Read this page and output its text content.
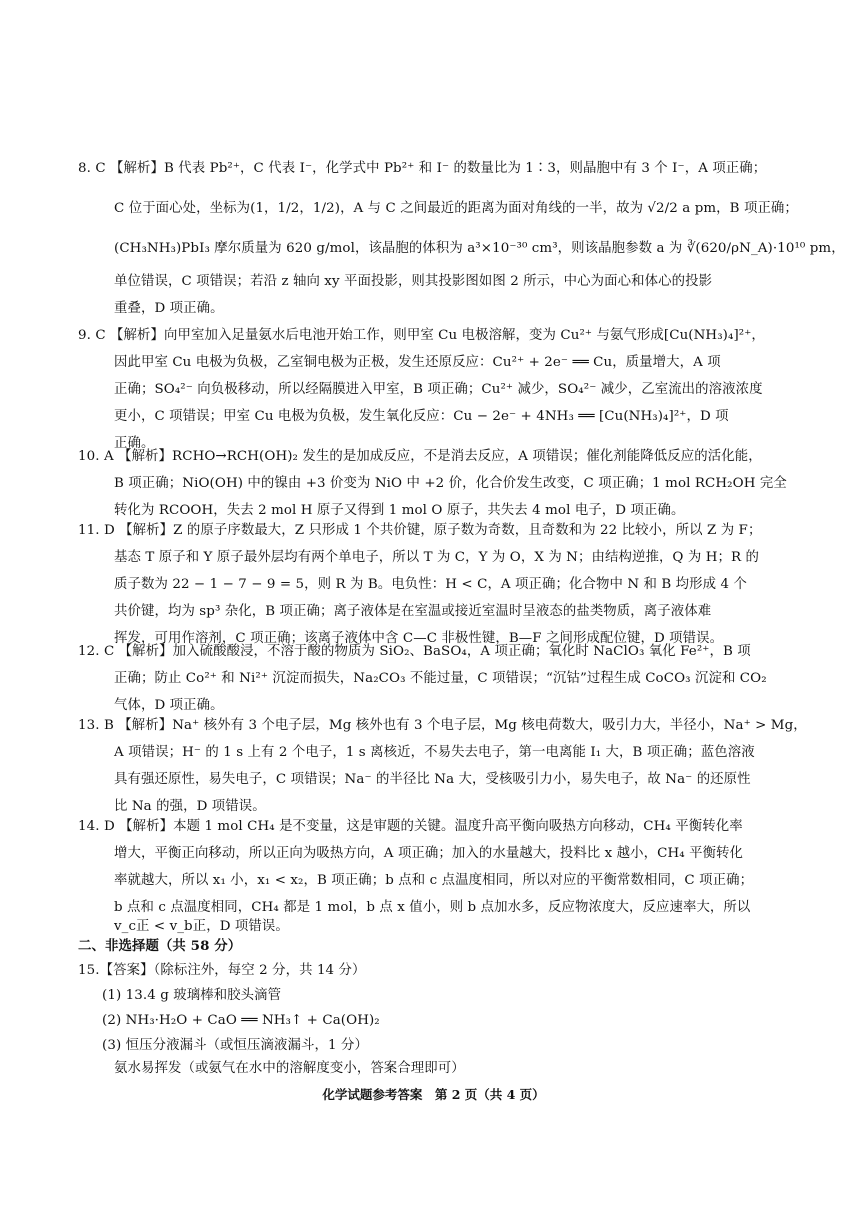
8. C 【解析】B 代表 Pb²⁺，C 代表 I⁻，化学式中 Pb²⁺ 和 I⁻ 的数量比为 1∶3，则晶胞中有 3 个 I⁻，A 项正确；
C 位于面心处，坐标为(1，1/2，1/2)，A 与 C 之间最近的距离为面对角线的一半，故为 √2/2 a pm，B 项正确；
(CH₃NH₃)PbI₃ 摩尔质量为 620 g/mol，该晶胞的体积为 a³×10⁻³⁰ cm³，则该晶胞参数 a 为 ∛(620/ρN_A)·10¹⁰ pm，
单位错误，C 项错误；若沿 z 轴向 xy 平面投影，则其投影图如图 2 所示，中心为面心和体心的投影
重叠，D 项正确。
9. C 【解析】向甲室加入足量氨水后电池开始工作，则甲室 Cu 电极溶解，变为 Cu²⁺ 与氨气形成[Cu(NH₃)₄]²⁺，
因此甲室 Cu 电极为负极，乙室铜电极为正极，发生还原反应：Cu²⁺ + 2e⁻ ══ Cu，质量增大，A 项
正确；SO₄²⁻ 向负极移动，所以经隔膜进入甲室，B 项正确；Cu²⁺ 减少，SO₄²⁻ 减少，乙室流出的溶液浓度
更小，C 项错误；甲室 Cu 电极为负极，发生氧化反应：Cu − 2e⁻ + 4NH₃ ══ [Cu(NH₃)₄]²⁺，D 项
正确。
10. A 【解析】RCHO→RCH(OH)₂ 发生的是加成反应，不是消去反应，A 项错误；催化剂能降低反应的活化能，
B 项正确；NiO(OH) 中的镍由 +3 价变为 NiO 中 +2 价，化合价发生改变，C 项正确；1 mol RCH₂OH 完全
转化为 RCOOH，失去 2 mol H 原子又得到 1 mol O 原子，共失去 4 mol 电子，D 项正确。
11. D 【解析】Z 的原子序数最大，Z 只形成 1 个共价键，原子数为奇数，且奇数和为 22 比较小，所以 Z 为 F；
基态 T 原子和 Y 原子最外层均有两个单电子，所以 T 为 C，Y 为 O，X 为 N；由结构逆推，Q 为 H；R 的
质子数为 22 − 1 − 7 − 9 = 5，则 R 为 B。电负性：H < C，A 项正确；化合物中 N 和 B 均形成 4 个
共价键，均为 sp³ 杂化，B 项正确；离子液体是在室温或接近室温时呈液态的盐类物质，离子液体难
挥发，可用作溶剂，C 项正确；该离子液体中含 C—C 非极性键，B—F 之间形成配位键，D 项错误。
12. C 【解析】加入硫酸酸浸，不溶于酸的物质为 SiO₂、BaSO₄，A 项正确；氧化时 NaClO₃ 氧化 Fe²⁺，B 项
正确；防止 Co²⁺ 和 Ni²⁺ 沉淀而损失，Na₂CO₃ 不能过量，C 项错误；“沉钴”过程生成 CoCO₃ 沉淀和 CO₂
气体，D 项正确。
13. B 【解析】Na⁺ 核外有 3 个电子层，Mg 核外也有 3 个电子层，Mg 核电荷数大，吸引力大，半径小，Na⁺ > Mg，
A 项错误；H⁻ 的 1 s 上有 2 个电子，1 s 离核近，不易失去电子，第一电离能 I₁ 大，B 项正确；蓝色溶液
具有强还原性，易失电子，C 项错误；Na⁻ 的半径比 Na 大，受核吸引力小，易失电子，故 Na⁻ 的还原性
比 Na 的强，D 项错误。
14. D 【解析】本题 1 mol CH₄ 是不变量，这是审题的关键。温度升高平衡向吸热方向移动，CH₄ 平衡转化率
增大，平衡正向移动，所以正向为吸热方向，A 项正确；加入的水量越大，投料比 x 越小，CH₄ 平衡转化
率就越大，所以 x₁ 小，x₁ < x₂，B 项正确；b 点和 c 点温度相同，所以对应的平衡常数相同，C 项正确；
b 点和 c 点温度相同，CH₄ 都是 1 mol，b 点 x 值小，则 b 点加水多，反应物浓度大，反应速率大，所以
v_c正 < v_b正，D 项错误。
二、非选择题（共 58 分）
15.【答案】（除标注外，每空 2 分，共 14 分）
(1) 13.4 g 玻璃棒和胶头滴管
(2) NH₃·H₂O + CaO ══ NH₃↑ + Ca(OH)₂
(3) 恒压分液漏斗（或恒压滴液漏斗，1 分）
氨水易挥发（或氨气在水中的溶解度变小，答案合理即可）
化学试题参考答案　第 2 页（共 4 页）
